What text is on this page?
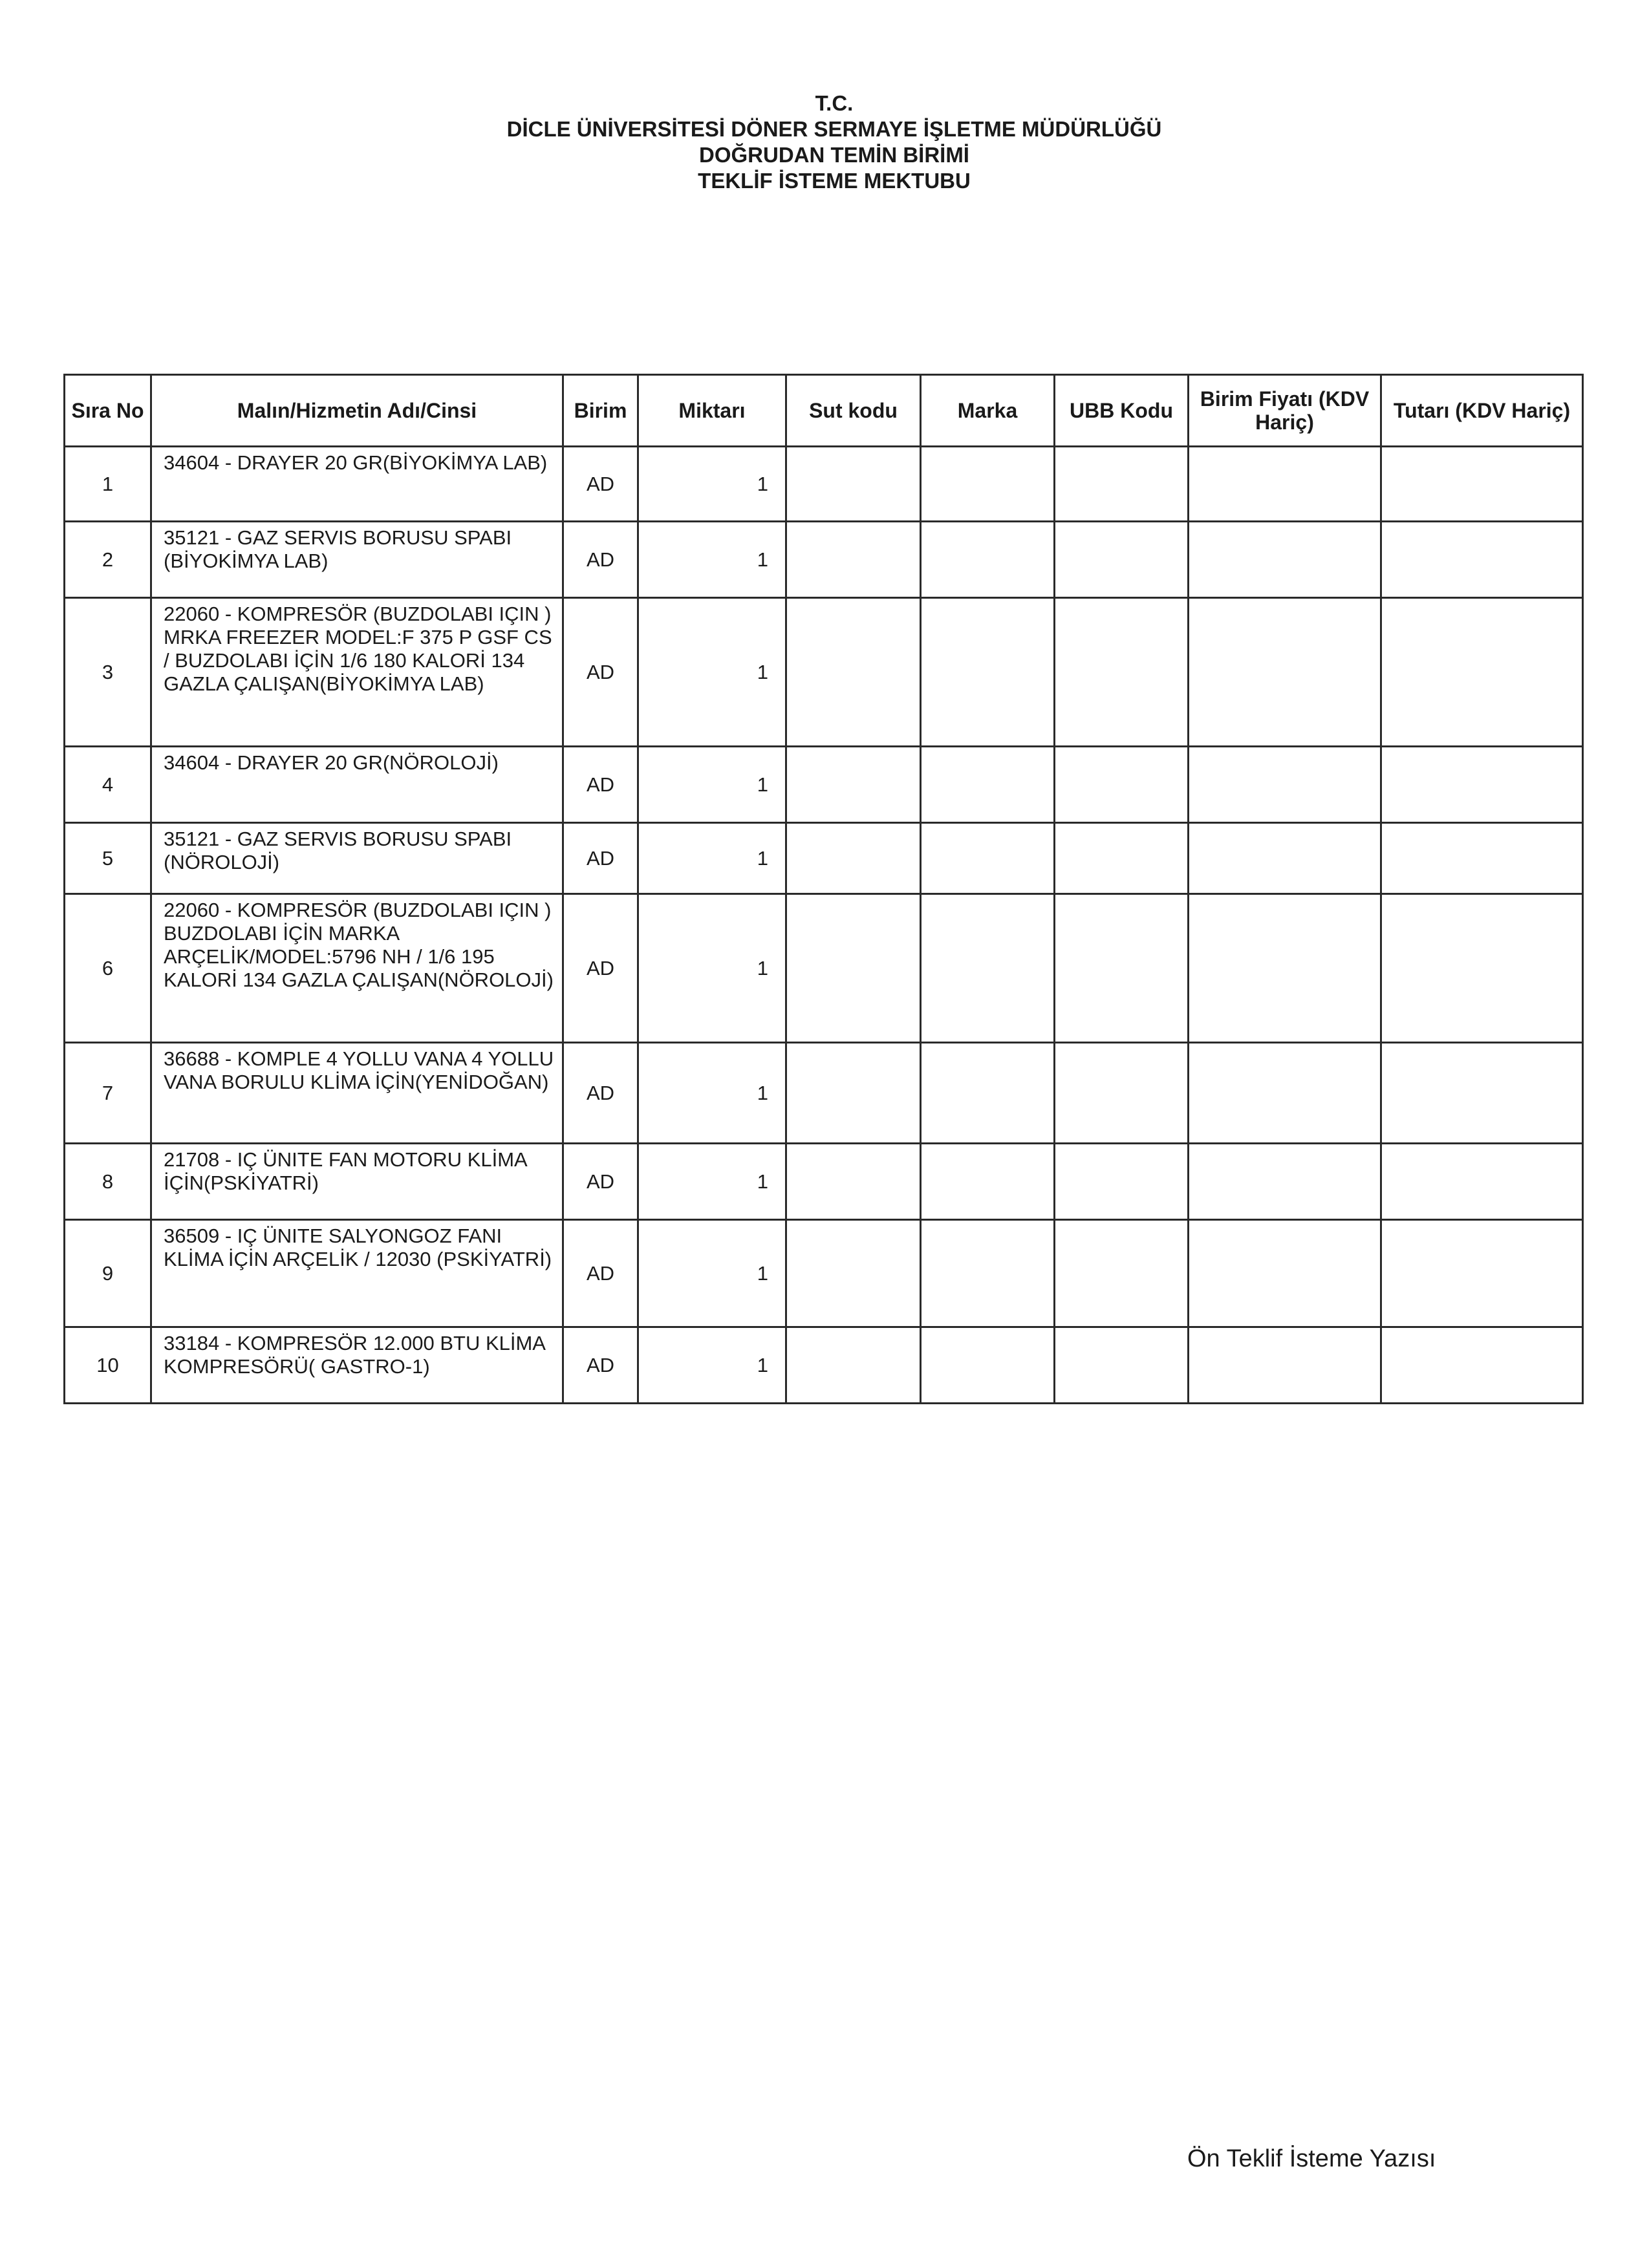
T.C.
DİCLE ÜNİVERSİTESİ DÖNER SERMAYE İŞLETME MÜDÜRLÜĞÜ
DOĞRUDAN TEMİN BİRİMİ
TEKLİF İSTEME MEKTUBU
Sıra No	Malın/Hizmetin Adı/Cinsi	Birim	Miktarı	Sut kodu	Marka	UBB Kodu	Birim Fiyatı (KDV Hariç)	Tutarı (KDV Hariç)
1	34604 - DRAYER 20 GR(BİYOKİMYA LAB)	AD	1					
2	35121 - GAZ SERVIS BORUSU SPABI (BİYOKİMYA LAB)	AD	1					
3	22060 - KOMPRESÖR (BUZDOLABI IÇIN ) MRKA FREEZER MODEL:F 375 P GSF CS / BUZDOLABI İÇİN 1/6 180 KALORİ 134 GAZLA ÇALIŞAN(BİYOKİMYA LAB)	AD	1					
4	34604 - DRAYER 20 GR(NÖROLOJİ)	AD	1					
5	35121 - GAZ SERVIS BORUSU SPABI (NÖROLOJİ)	AD	1					
6	22060 - KOMPRESÖR (BUZDOLABI IÇIN ) BUZDOLABI İÇİN MARKA ARÇELİK/MODEL:5796 NH / 1/6 195 KALORİ 134 GAZLA ÇALIŞAN(NÖROLOJİ)	AD	1					
7	36688 - KOMPLE 4 YOLLU VANA 4 YOLLU VANA BORULU KLİMA İÇİN(YENİDOĞAN)	AD	1					
8	21708 - IÇ ÜNITE FAN MOTORU KLİMA İÇİN(PSKİYATRİ)	AD	1					
9	36509 - IÇ ÜNITE SALYONGOZ FANI KLİMA İÇİN ARÇELİK / 12030 (PSKİYATRİ)	AD	1					
10	33184 - KOMPRESÖR 12.000 BTU KLİMA KOMPRESÖRÜ( GASTRO-1)	AD	1					
Ön Teklif İsteme Yazısı
